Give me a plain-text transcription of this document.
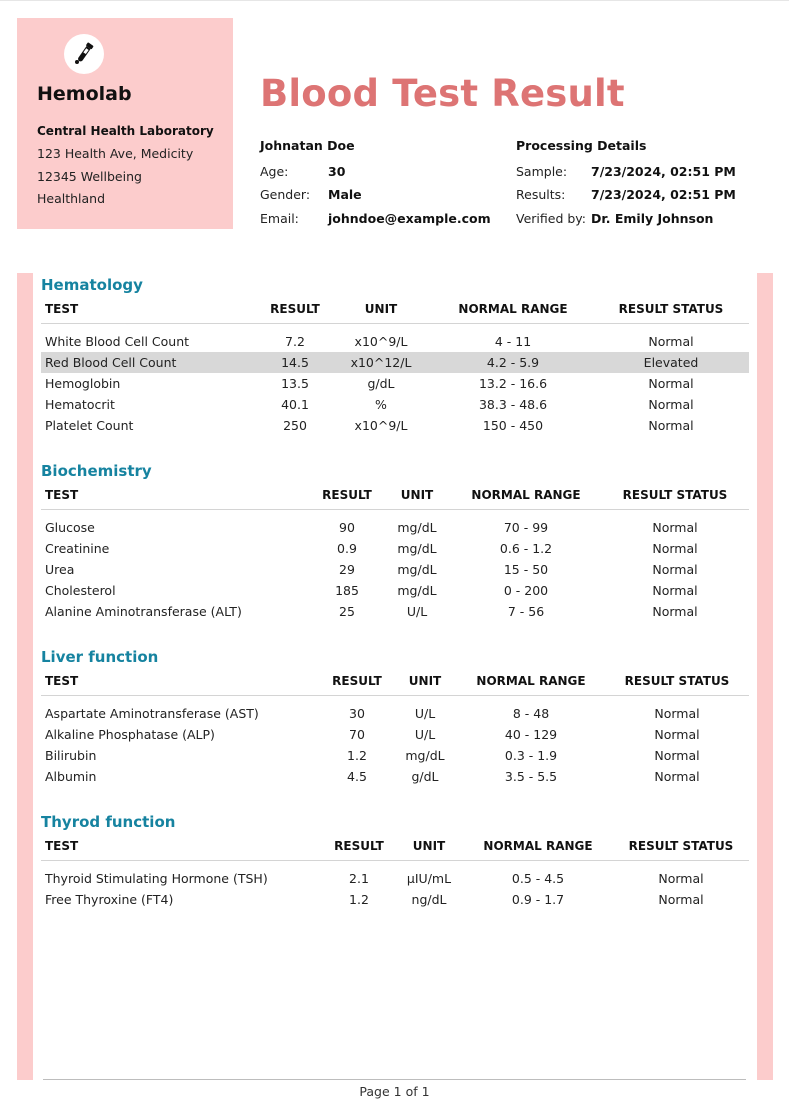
Hemolab
Central Health Laboratory
123 Health Ave, Medicity
12345 Wellbeing
Healthland
Blood Test Result
Johnatan Doe
Age:	30
Gender: Male
Email: johndoe@example.com
Processing Details
Sample: 7/23/2024, 02:51 PM
Results: 7/23/2024, 02:51 PM
Verified by: Dr. Emily Johnson
Hematology
TEST	RESULT	UNIT	NORMAL RANGE	RESULT STATUS

White Blood Cell Count	7.2	x10^9/L	4 - 11	Normal
Red Blood Cell Count	14.5	x10^12/L	4.2 - 5.9	Elevated
Hemoglobin	13.5	g/dL	13.2 - 16.6	Normal
Hematocrit	40.1	%	38.3 - 48.6	Normal
Platelet Count	250	x10^9/L	150 - 450	Normal
Biochemistry
TEST	RESULT	UNIT	NORMAL RANGE	RESULT STATUS

Glucose	90	mg/dL	70 - 99	Normal
Creatinine	0.9	mg/dL	0.6 - 1.2	Normal
Urea	29	mg/dL	15 - 50	Normal
Cholesterol	185	mg/dL	0 - 200	Normal
Alanine Aminotransferase (ALT)	25	U/L	7 - 56	Normal
Liver function
TEST	RESULT	UNIT	NORMAL RANGE	RESULT STATUS

Aspartate Aminotransferase (AST)	30	U/L	8 - 48	Normal
Alkaline Phosphatase (ALP)	70	U/L	40 - 129	Normal
Bilirubin	1.2	mg/dL	0.3 - 1.9	Normal
Albumin	4.5	g/dL	3.5 - 5.5	Normal
Thyrod function
TEST	RESULT	UNIT	NORMAL RANGE	RESULT STATUS

Thyroid Stimulating Hormone (TSH)	2.1	µIU/mL	0.5 - 4.5	Normal
Free Thyroxine (FT4)	1.2	ng/dL	0.9 - 1.7	Normal
Page 1 of 1
